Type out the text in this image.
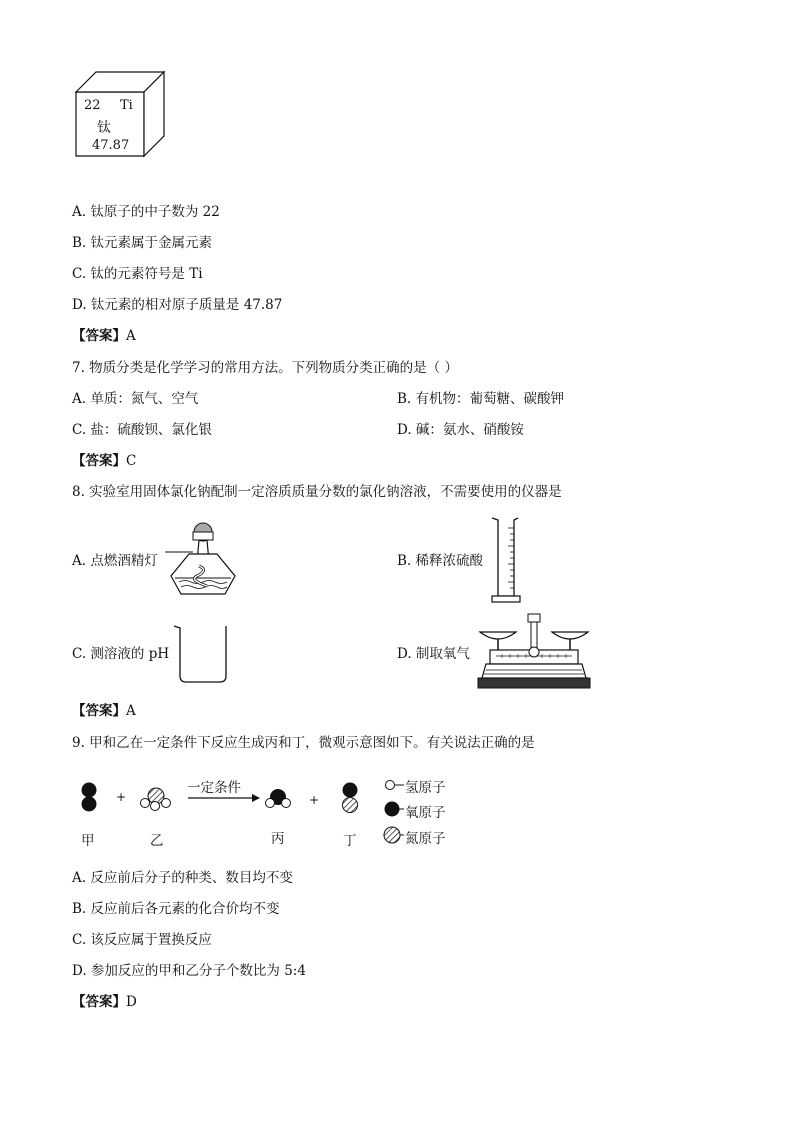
22 Ti
钛
47.87
A. 钛原子的中子数为 22
B. 钛元素属于金属元素
C. 钛的元素符号是 Ti
D. 钛元素的相对原子质量是 47.87
【答案】A
7. 物质分类是化学学习的常用方法。下列物质分类正确的是（ ）
A. 单质：氮气、空气	B. 有机物：葡萄糖、碳酸钾
C. 盐：硫酸钡、氯化银	D. 碱：氨水、硝酸铵
【答案】C
8. 实验室用固体氯化钠配制一定溶质质量分数的氯化钠溶液，不需要使用的仪器是
A. 点燃酒精灯	B. 稀释浓硫酸
C. 测溶液的 pH	D. 制取氧气
【答案】A
9. 甲和乙在一定条件下反应生成丙和丁，微观示意图如下。有关说法正确的是
一定条件
+	+
甲	乙	丙	丁
氢原子
氧原子
氮原子
A. 反应前后分子的种类、数目均不变
B. 反应前后各元素的化合价均不变
C. 该反应属于置换反应
D. 参加反应的甲和乙分子个数比为 5:4
【答案】D
